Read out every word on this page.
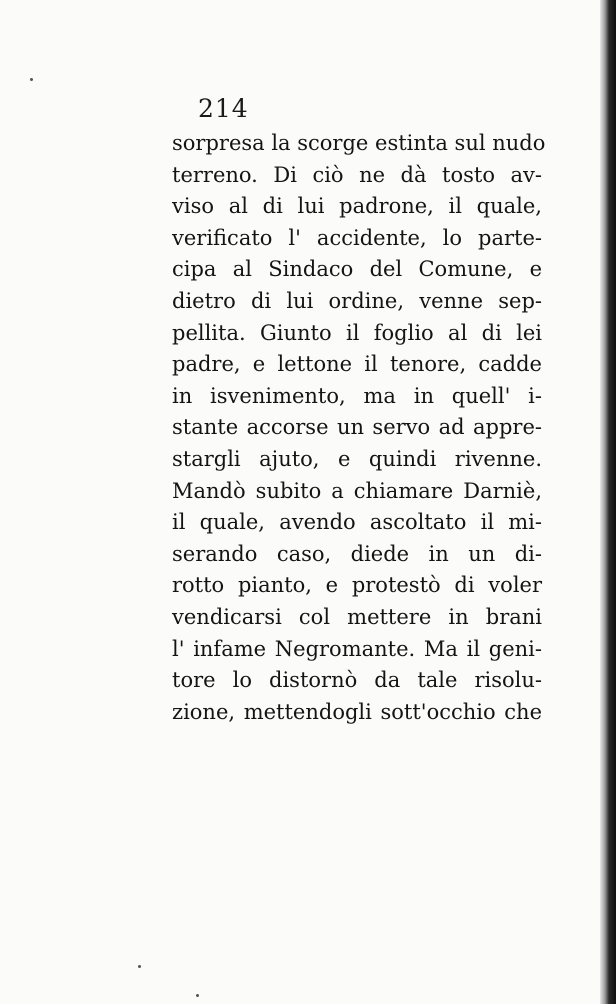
214
sorpresa la scorge estinta sul nudo
terreno. Di ciò ne dà tosto av-
viso al di lui padrone, il quale,
verificato l' accidente, lo parte-
cipa al Sindaco del Comune, e
dietro di lui ordine, venne sep-
pellita. Giunto il foglio al di lei
padre, e lettone il tenore, cadde
in isvenimento, ma in quell' i-
stante accorse un servo ad appre-
stargli ajuto, e quindi rivenne.
Mandò subito a chiamare Darniè,
il quale, avendo ascoltato il mi-
serando caso, diede in un di-
rotto pianto, e protestò di voler
vendicarsi col mettere in brani
l' infame Negromante. Ma il geni-
tore lo distornò da tale risolu-
zione, mettendogli sott'occhio che
